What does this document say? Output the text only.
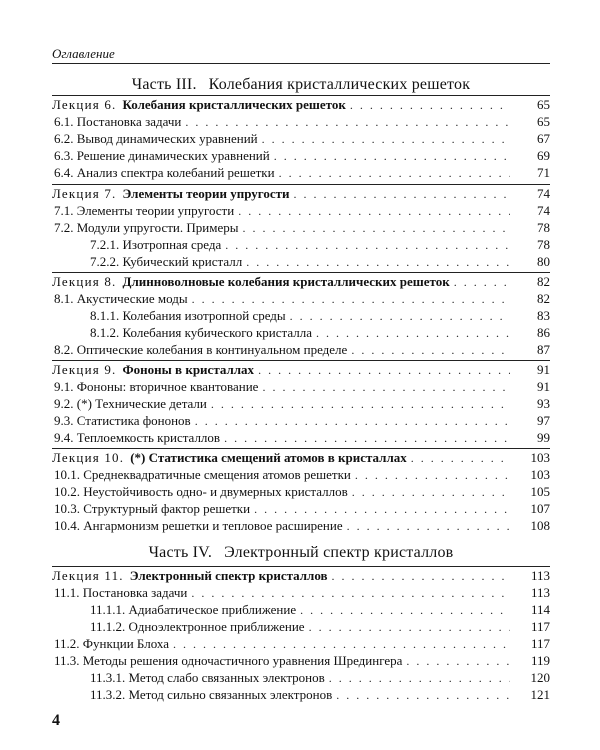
Оглавление
Часть III. Колебания кристаллических решеток
Лекция 6. Колебания кристаллических решеток . . .	65
6.1. Постановка задачи . . .	65
6.2. Вывод динамических уравнений . . .	67
6.3. Решение динамических уравнений . . .	69
6.4. Анализ спектра колебаний решетки . . .	71
Лекция 7. Элементы теории упругости . . .	74
7.1. Элементы теории упругости . . .	74
7.2. Модули упругости. Примеры . . .	78
7.2.1. Изотропная среда . . .	78
7.2.2. Кубический кристалл . . .	80
Лекция 8. Длинноволновые колебания кристаллических решеток . . .	82
8.1. Акустические моды . . .	82
8.1.1. Колебания изотропной среды . . .	83
8.1.2. Колебания кубического кристалла . . .	86
8.2. Оптические колебания в континуальном пределе . . .	87
Лекция 9. Фононы в кристаллах . . .	91
9.1. Фононы: вторичное квантование . . .	91
9.2. (*) Технические детали . . .	93
9.3. Статистика фононов . . .	97
9.4. Теплоемкость кристаллов . . .	99
Лекция 10. (*) Статистика смещений атомов в кристаллах . . .	103
10.1. Среднеквадратичные смещения атомов решетки . . .	103
10.2. Неустойчивость одно- и двумерных кристаллов . . .	105
10.3. Структурный фактор решетки . . .	107
10.4. Ангармонизм решетки и тепловое расширение . . .	108
Часть IV. Электронный спектр кристаллов
Лекция 11. Электронный спектр кристаллов . . .	113
11.1. Постановка задачи . . .	113
11.1.1. Адиабатическое приближение . . .	114
11.1.2. Одноэлектронное приближение . . .	117
11.2. Функции Блоха . . .	117
11.3. Методы решения одночастичного уравнения Шредингера . . .	119
11.3.1. Метод слабо связанных электронов . . .	120
11.3.2. Метод сильно связанных электронов . . .	121
4
